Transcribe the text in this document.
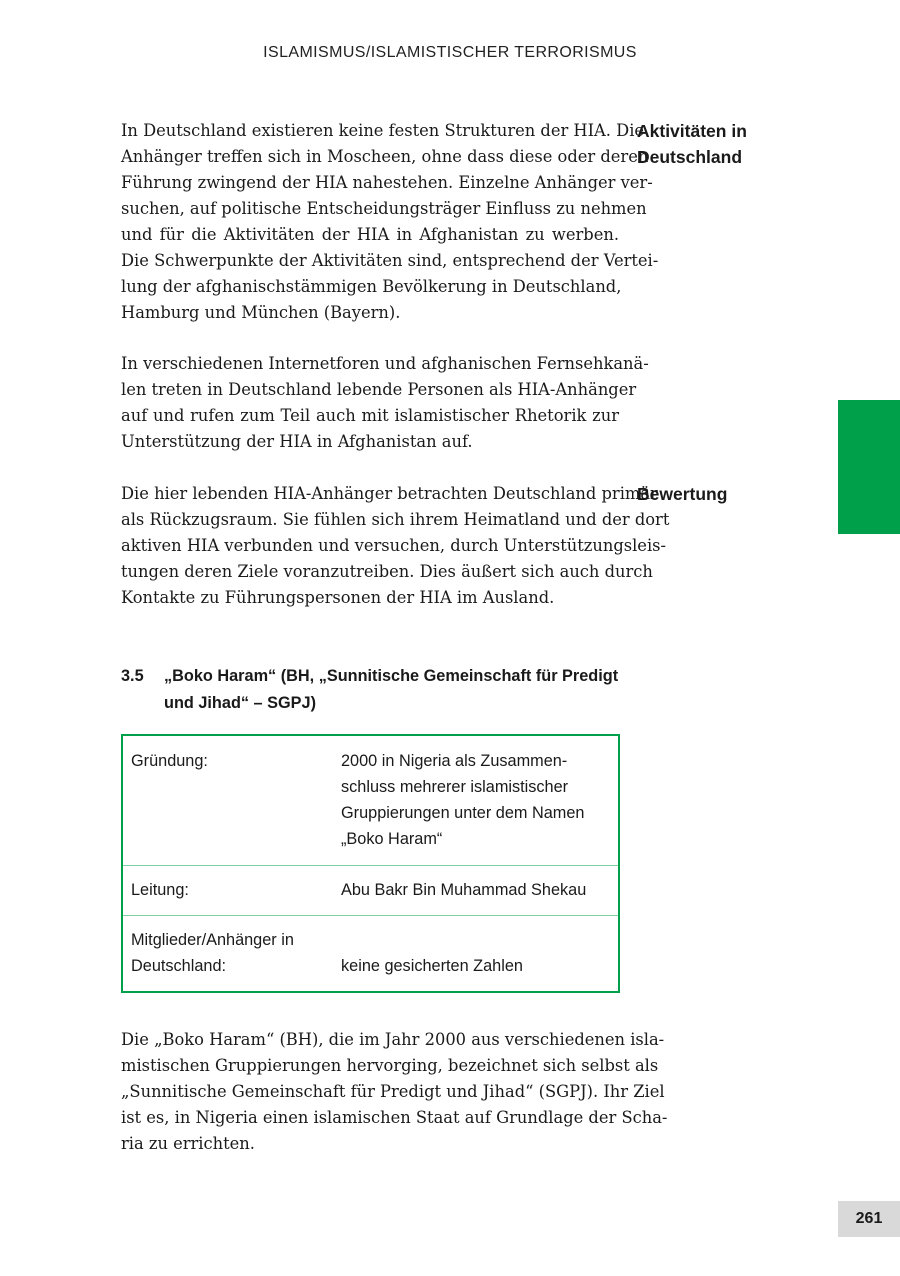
ISLAMISMUS/ISLAMISTISCHER TERRORISMUS

In Deutschland existieren keine festen Strukturen der HIA. Die
Anhänger treffen sich in Moscheen, ohne dass diese oder deren
Führung zwingend der HIA nahestehen. Einzelne Anhänger ver-
suchen, auf politische Entscheidungsträger Einfluss zu nehmen
und für die Aktivitäten der HIA in Afghanistan zu werben.
Die Schwerpunkte der Aktivitäten sind, entsprechend der Vertei-
lung der afghanischstämmigen Bevölkerung in Deutschland,
Hamburg und München (Bayern).

Aktivitäten in
Deutschland

In verschiedenen Internetforen und afghanischen Fernsehkanä-
len treten in Deutschland lebende Personen als HIA-Anhänger
auf und rufen zum Teil auch mit islamistischer Rhetorik zur
Unterstützung der HIA in Afghanistan auf.

Die hier lebenden HIA-Anhänger betrachten Deutschland primär
als Rückzugsraum. Sie fühlen sich ihrem Heimatland und der dort
aktiven HIA verbunden und versuchen, durch Unterstützungsleis-
tungen deren Ziele voranzutreiben. Dies äußert sich auch durch
Kontakte zu Führungspersonen der HIA im Ausland.

Bewertung
3.5 „Boko Haram“ (BH, „Sunnitische Gemeinschaft für Predigt
und Jihad“ – SGPJ)
Gründung:	2000 in Nigeria als Zusammen-
schluss mehrerer islamistischer
Gruppierungen unter dem Namen
„Boko Haram“
Leitung:	Abu Bakr Bin Muhammad Shekau
Mitglieder/Anhänger in
Deutschland:	keine gesicherten Zahlen

Die „Boko Haram“ (BH), die im Jahr 2000 aus verschiedenen isla-
mistischen Gruppierungen hervorging, bezeichnet sich selbst als
„Sunnitische Gemeinschaft für Predigt und Jihad“ (SGPJ). Ihr Ziel
ist es, in Nigeria einen islamischen Staat auf Grundlage der Scha-
ria zu errichten.

261
